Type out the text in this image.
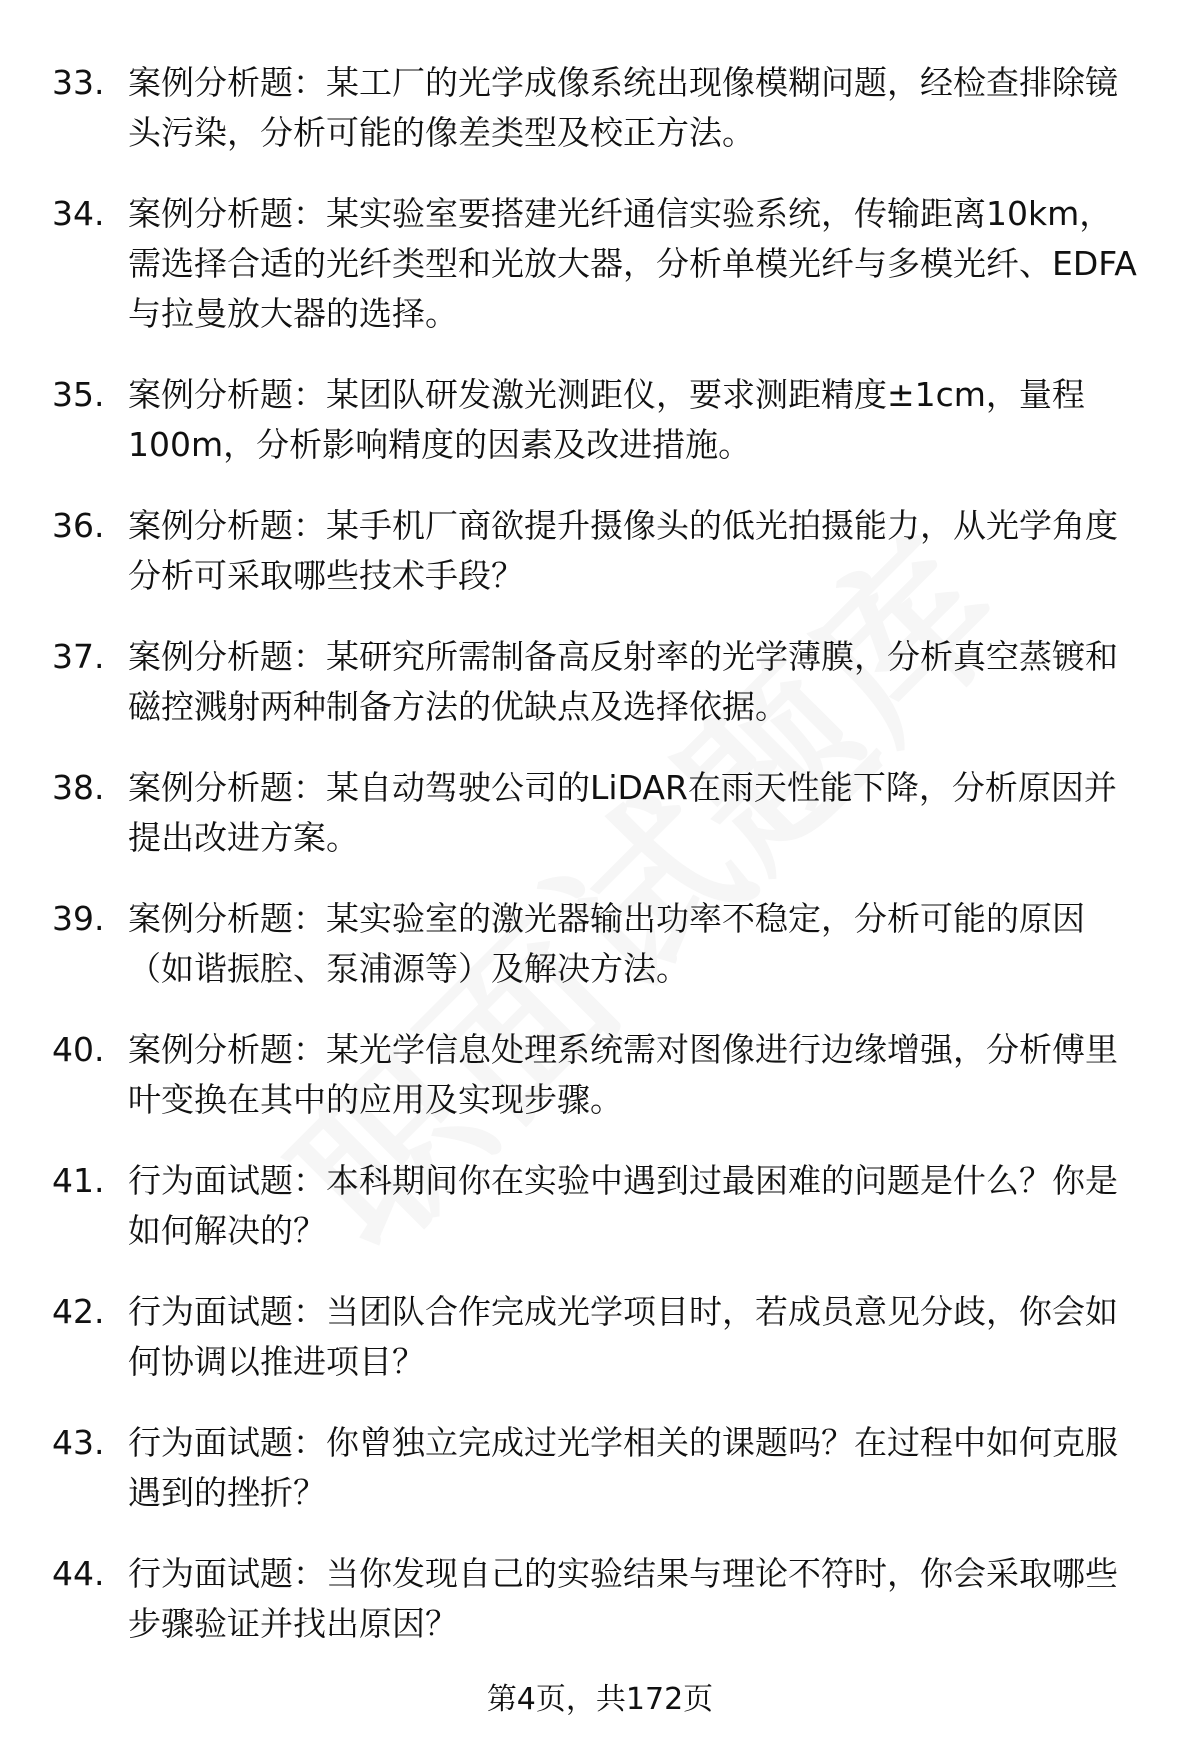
33. 案例分析题：某工厂的光学成像系统出现像模糊问题，经检查排除镜头污染，分析可能的像差类型及校正方法。
34. 案例分析题：某实验室要搭建光纤通信实验系统，传输距离10km，需选择合适的光纤类型和光放大器，分析单模光纤与多模光纤、EDFA与拉曼放大器的选择。
35. 案例分析题：某团队研发激光测距仪，要求测距精度±1cm，量程100m，分析影响精度的因素及改进措施。
36. 案例分析题：某手机厂商欲提升摄像头的低光拍摄能力，从光学角度分析可采取哪些技术手段？
37. 案例分析题：某研究所需制备高反射率的光学薄膜，分析真空蒸镀和磁控溅射两种制备方法的优缺点及选择依据。
38. 案例分析题：某自动驾驶公司的LiDAR在雨天性能下降，分析原因并提出改进方案。
39. 案例分析题：某实验室的激光器输出功率不稳定，分析可能的原因（如谐振腔、泵浦源等）及解决方法。
40. 案例分析题：某光学信息处理系统需对图像进行边缘增强，分析傅里叶变换在其中的应用及实现步骤。
41. 行为面试题：本科期间你在实验中遇到过最困难的问题是什么？你是如何解决的？
42. 行为面试题：当团队合作完成光学项目时，若成员意见分歧，你会如何协调以推进项目？
43. 行为面试题：你曾独立完成过光学相关的课题吗？在过程中如何克服遇到的挫折？
44. 行为面试题：当你发现自己的实验结果与理论不符时，你会采取哪些步骤验证并找出原因？
第4页，共172页
